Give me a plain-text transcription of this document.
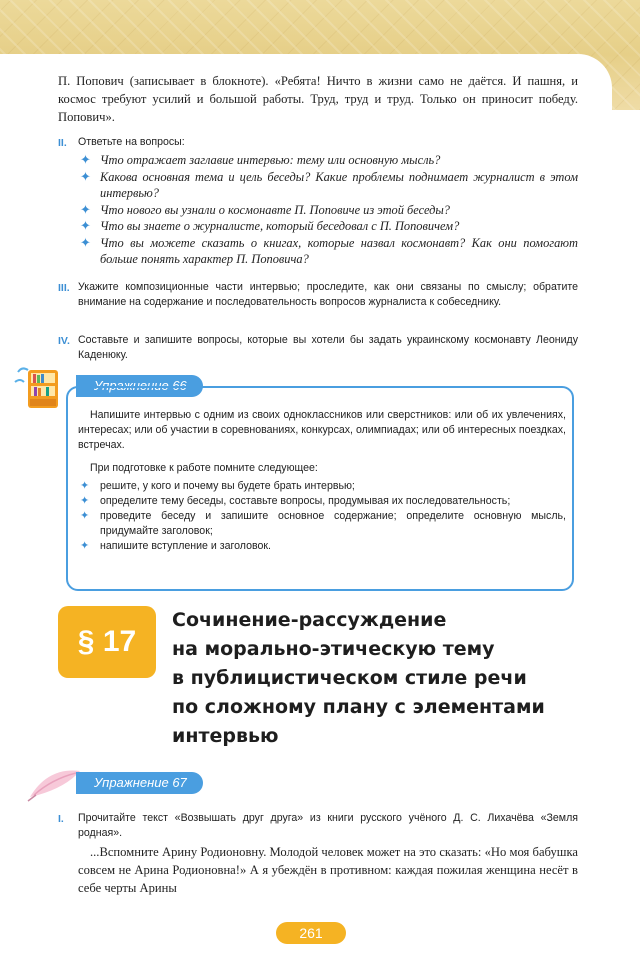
П. Попович (записывает в блокноте). «Ребята! Ничто в жизни само не даётся. И пашня, и космос требуют усилий и большой работы. Труд, труд и труд. Только он приносит победу. Попович».

II. Ответьте на вопросы:

✦ Что отражает заглавие интервью: тему или основную мысль?
✦ Какова основная тема и цель беседы? Какие проблемы поднимает журналист в этом интервью?
✦ Что нового вы узнали о космонавте П. Поповиче из этой беседы?
✦ Что вы знаете о журналисте, который беседовал с П. Поповичем?
✦ Что вы можете сказать о книгах, которые назвал космонавт? Как они помогают больше понять характер П. Поповича?
III. Укажите композиционные части интервью; проследите, как они связаны по смыслу; обратите внимание на содержание и последовательность вопросов журналиста к собеседнику.

IV. Составьте и запишите вопросы, которые вы хотели бы задать украинскому космонавту Леониду Каденюку.

Упражнение 66

Напишите интервью с одним из своих одноклассников или сверстников: или об их увлечениях, интересах; или об участии в соревнованиях, конкурсах, олимпиадах; или об интересных поездках, встречах.

При подготовке к работе помните следующее:

✦ решите, у кого и почему вы будете брать интервью;
✦ определите тему беседы, составьте вопросы, продумывая их последовательность;
✦ проведите беседу и запишите основное содержание; определите основную мысль, придумайте заголовок;
✦ напишите вступление и заголовок.
§ 17
Сочинение-рассуждение
на морально-этическую тему
в публицистическом стиле речи
по сложному плану с элементами
интервью
Упражнение 67
I. Прочитайте текст «Возвышать друг друга» из книги русского учёного Д. С. Лихачёва «Земля родная».

...Вспомните Арину Родионовну. Молодой человек может на это сказать: «Но моя бабушка совсем не Арина Родионовна!» А я убеждён в противном: каждая пожилая женщина несёт в себе черты Арины

261
